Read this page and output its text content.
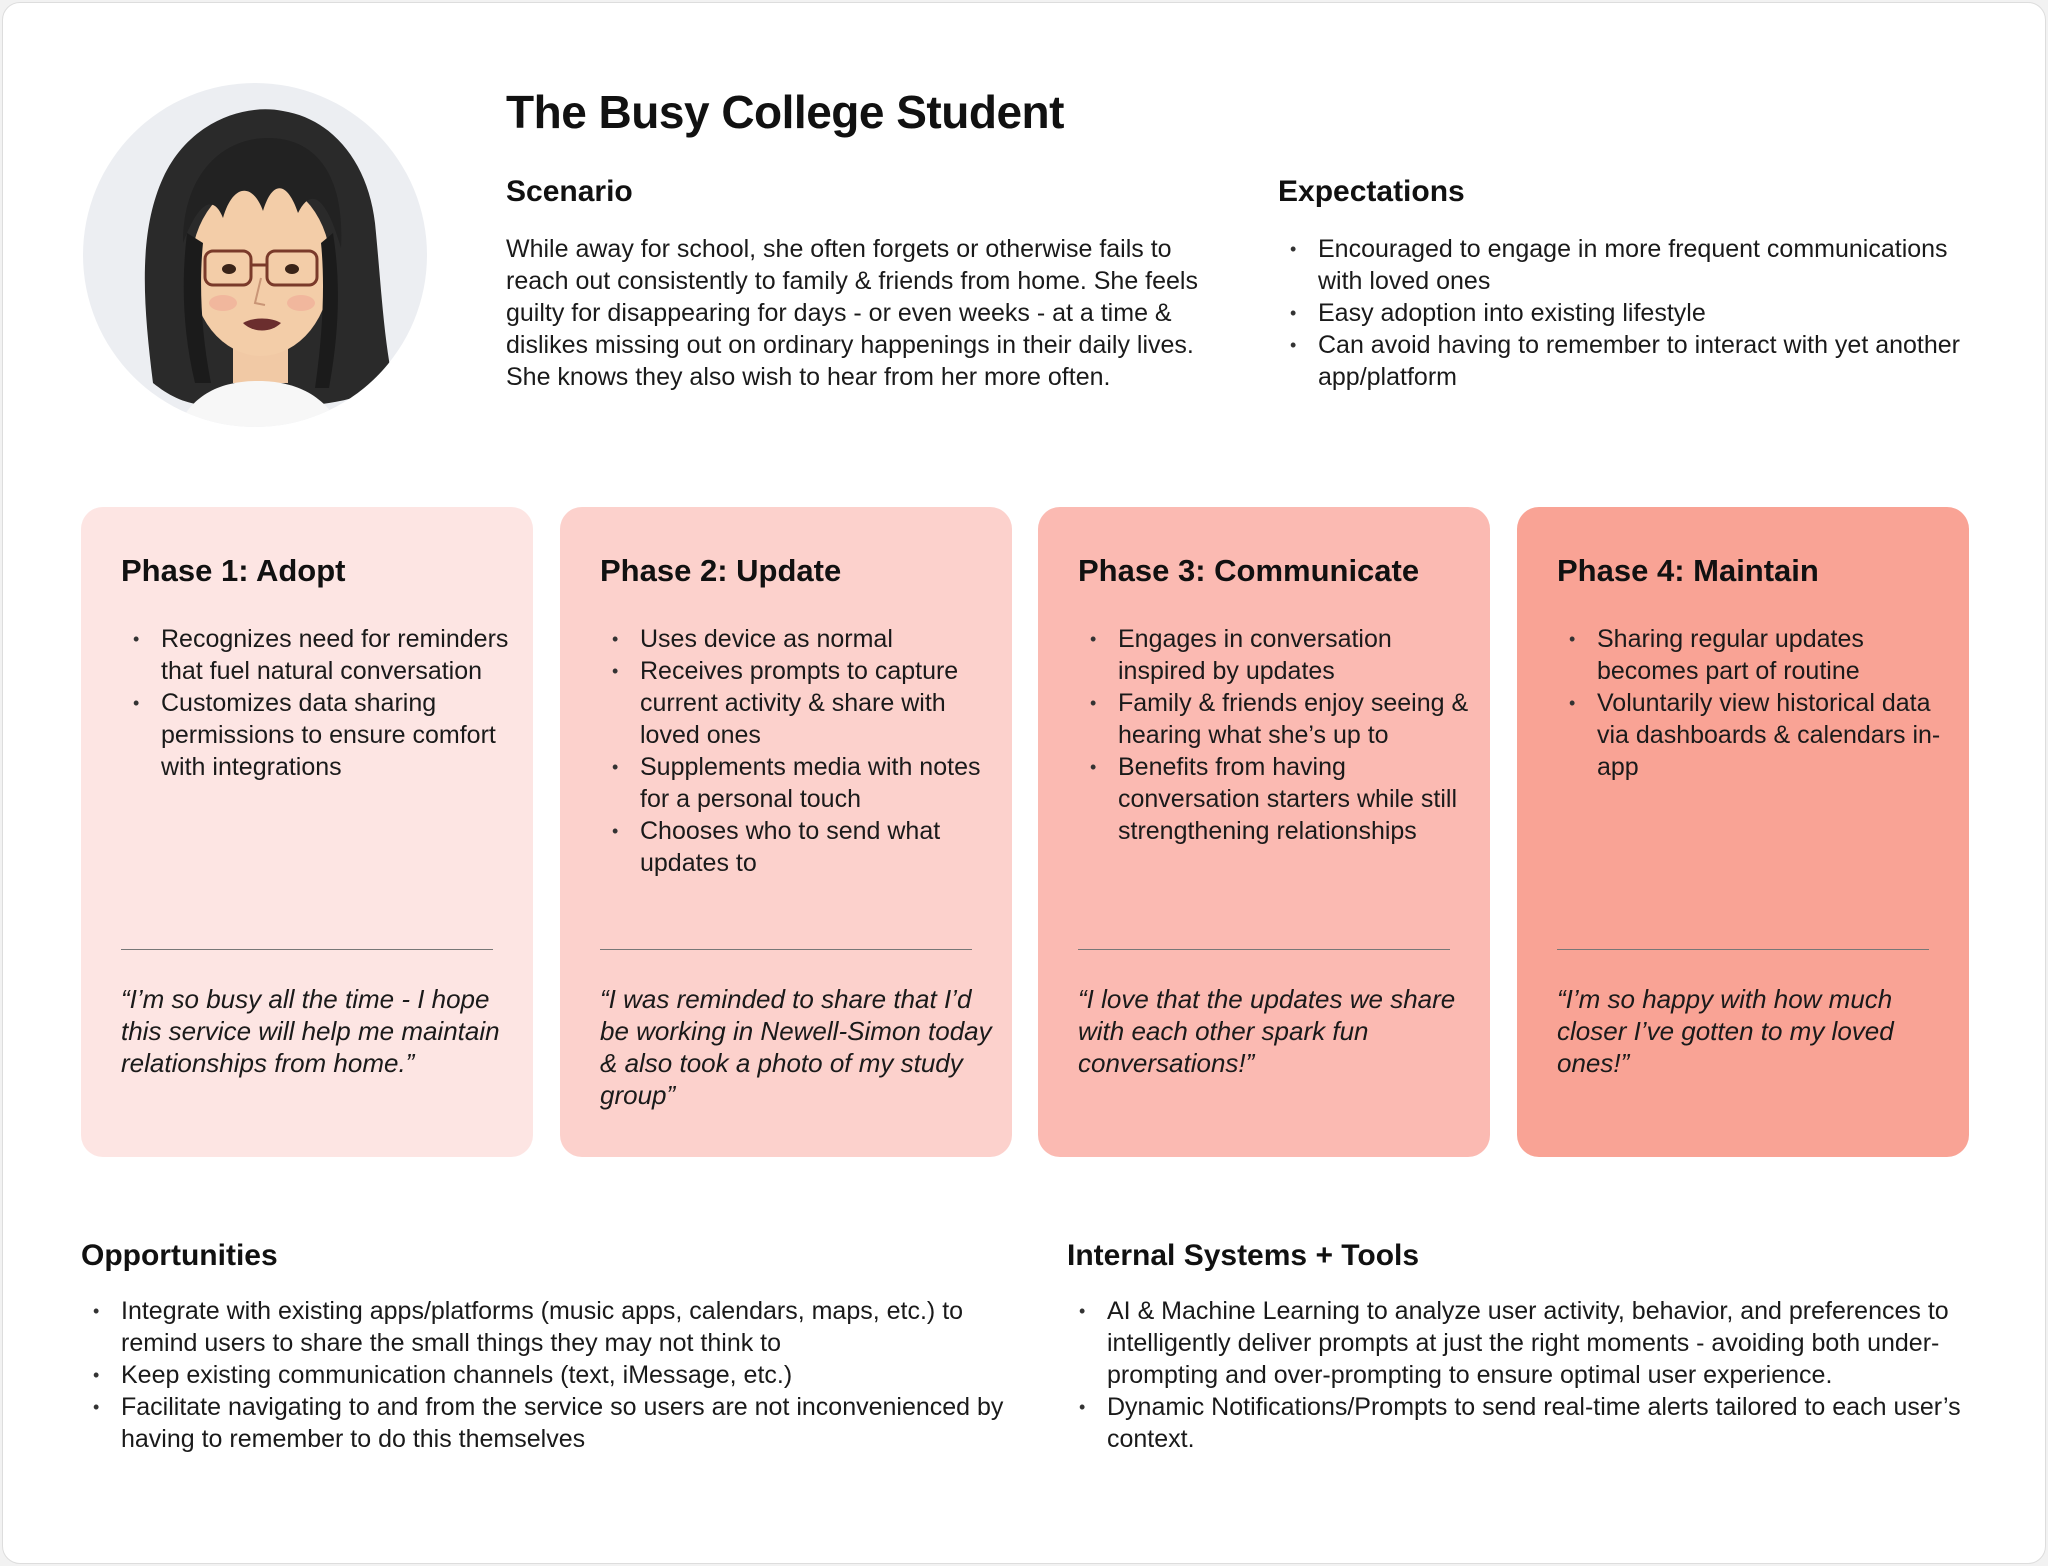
The Busy College Student
Scenario

While away for school, she often forgets or otherwise fails to reach out consistently to family & friends from home. She feels guilty for disappearing for days - or even weeks - at a time & dislikes missing out on ordinary happenings in their daily lives. She knows they also wish to hear from her more often.

Expectations
• Encouraged to engage in more frequent communications with loved ones
• Easy adoption into existing lifestyle
• Can avoid having to remember to interact with yet another app/platform
Phase 1: Adopt
• Recognizes need for reminders that fuel natural conversation
• Customizes data sharing permissions to ensure comfort with integrations

“I’m so busy all the time - I hope this service will help me maintain relationships from home.”

Phase 2: Update
• Uses device as normal
• Receives prompts to capture current activity & share with loved ones
• Supplements media with notes for a personal touch
• Chooses who to send what updates to

“I was reminded to share that I’d be working in Newell-Simon today & also took a photo of my study group”

Phase 3: Communicate
• Engages in conversation inspired by updates
• Family & friends enjoy seeing & hearing what she’s up to
• Benefits from having conversation starters while still strengthening relationships

“I love that the updates we share with each other spark fun conversations!”

Phase 4: Maintain
• Sharing regular updates becomes part of routine
• Voluntarily view historical data via dashboards & calendars in-app

“I’m so happy with how much closer I’ve gotten to my loved ones!”

Opportunities
• Integrate with existing apps/platforms (music apps, calendars, maps, etc.) to remind users to share the small things they may not think to
• Keep existing communication channels (text, iMessage, etc.)
• Facilitate navigating to and from the service so users are not inconvenienced by having to remember to do this themselves
Internal Systems + Tools
• AI & Machine Learning to analyze user activity, behavior, and preferences to intelligently deliver prompts at just the right moments - avoiding both under-prompting and over-prompting to ensure optimal user experience.
• Dynamic Notifications/Prompts to send real-time alerts tailored to each user’s context.
